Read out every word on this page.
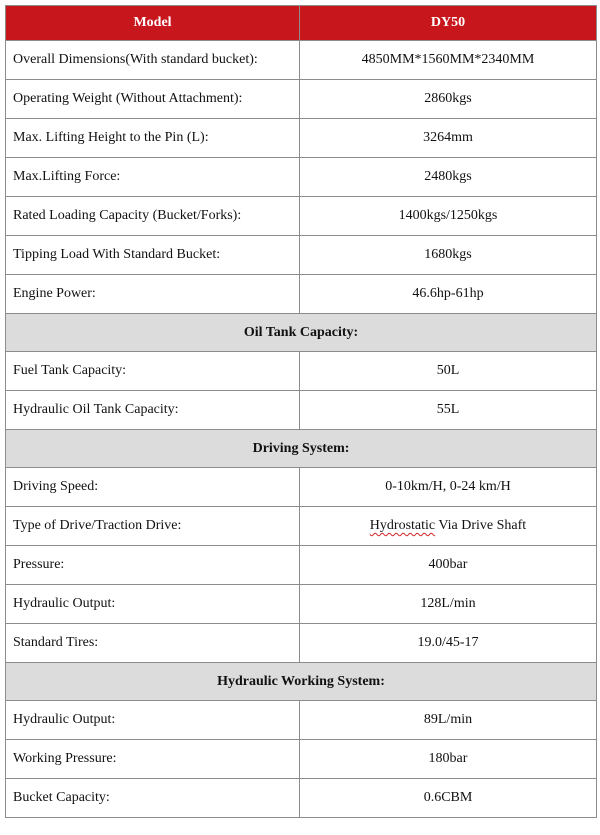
Model	DY50
Overall Dimensions(With standard bucket):	4850MM*1560MM*2340MM
Operating Weight (Without Attachment):	2860kgs
Max. Lifting Height to the Pin (L):	3264mm
Max.Lifting Force:	2480kgs
Rated Loading Capacity (Bucket/Forks):	1400kgs/1250kgs
Tipping Load With Standard Bucket:	1680kgs
Engine Power:	46.6hp-61hp
Oil Tank Capacity:	
Fuel Tank Capacity:	50L
Hydraulic Oil Tank Capacity:	55L
Driving System:	
Driving Speed:	0-10km/H, 0-24 km/H
Type of Drive/Traction Drive:	Hydrostatic Via Drive Shaft
Pressure:	400bar
Hydraulic Output:	128L/min
Standard Tires:	19.0/45-17
Hydraulic Working System:	
Hydraulic Output:	89L/min
Working Pressure:	180bar
Bucket Capacity:	0.6CBM
